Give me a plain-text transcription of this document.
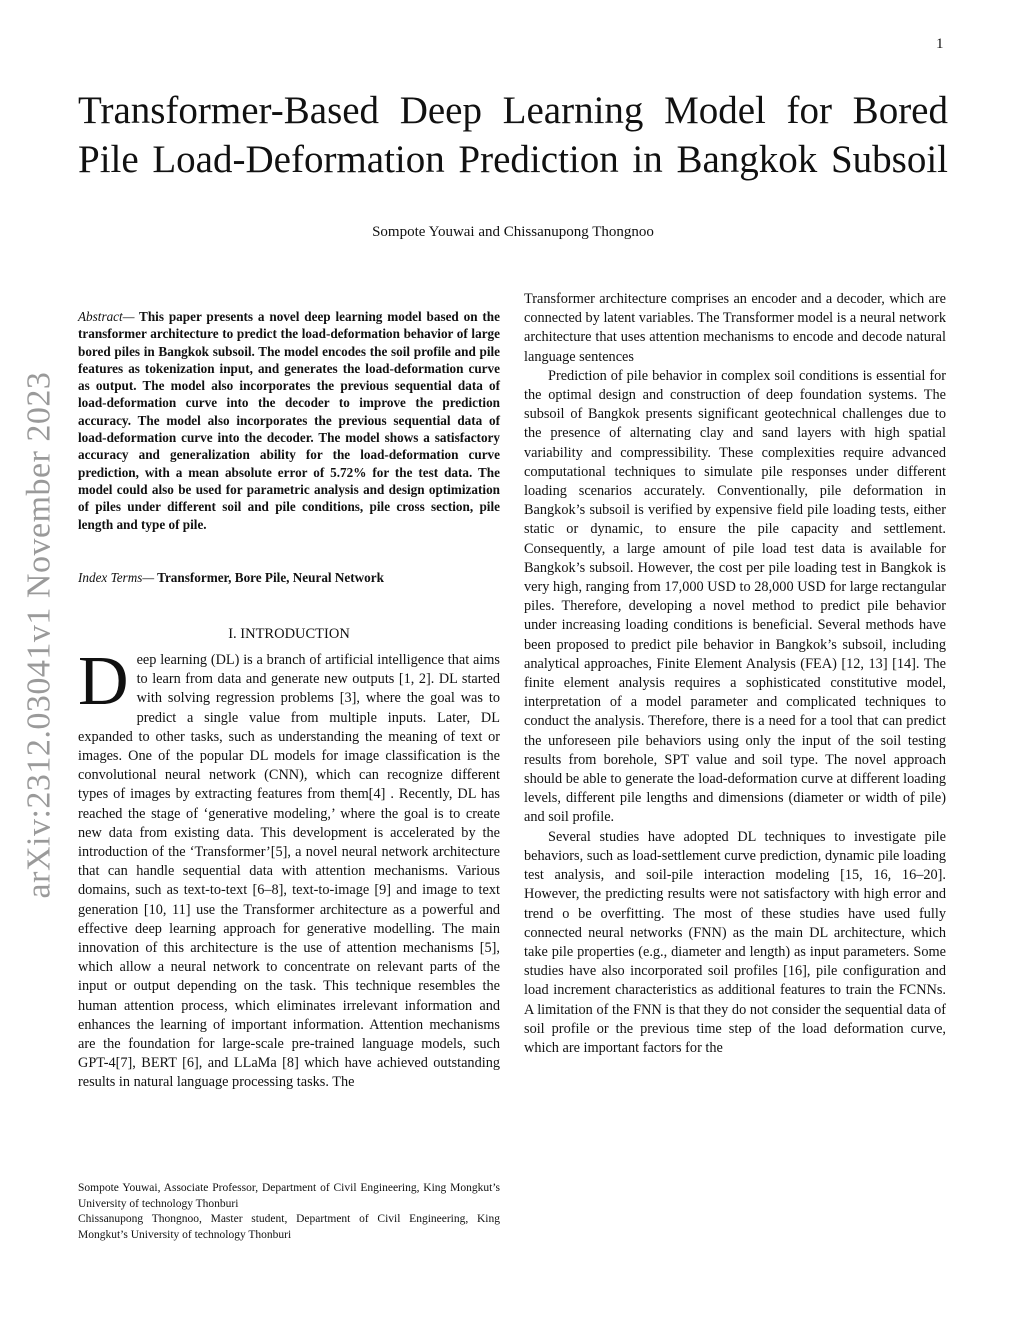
1
Transformer-Based Deep Learning Model for Bored
Pile Load-Deformation Prediction in Bangkok Subsoil
Sompote Youwai and Chissanupong Thongnoo
arXiv:2312.03041v1 November 2023
Abstract— This paper presents a novel deep learning model based on the transformer architecture to predict the load-deformation behavior of large bored piles in Bangkok subsoil. The model encodes the soil profile and pile features as tokenization input, and generates the load-deformation curve as output. The model also incorporates the previous sequential data of load-deformation curve into the decoder to improve the prediction accuracy. The model also incorporates the previous sequential data of load-deformation curve into the decoder. The model shows a satisfactory accuracy and generalization ability for the load-deformation curve prediction, with a mean absolute error of 5.72% for the test data. The model could also be used for parametric analysis and design optimization of piles under different soil and pile conditions, pile cross section, pile length and type of pile.
Index Terms— Transformer, Bore Pile, Neural Network
I. INTRODUCTION

Deep learning (DL) is a branch of artificial intelligence that aims to learn from data and generate new outputs [1, 2]. DL started with solving regression problems [3], where the goal was to predict a single value from multiple inputs. Later, DL expanded to other tasks, such as understanding the meaning of text or images. One of the popular DL models for image classification is the convolutional neural network (CNN), which can recognize different types of images by extracting features from them[4] . Recently, DL has reached the stage of ‘generative modeling,’ where the goal is to create new data from existing data. This development is accelerated by the introduction of the ‘Transformer’[5], a novel neural network architecture that can handle sequential data with attention mechanisms. Various domains, such as text-to-text [6–8], text-to-image [9] and image to text generation [10, 11] use the Transformer architecture as a powerful and effective deep learning approach for generative modelling. The main innovation of this architecture is the use of attention mechanisms [5], which allow a neural network to concentrate on relevant parts of the input or output depending on the task. This technique resembles the human attention process, which eliminates irrelevant information and enhances the learning of important information. Attention mechanisms are the foundation for large-scale pre-trained language models, such GPT-4[7], BERT [6], and LLaMa [8] which have achieved outstanding results in natural language processing tasks. The

Transformer architecture comprises an encoder and a decoder, which are connected by latent variables. The Transformer model is a neural network architecture that uses attention mechanisms to encode and decode natural language sentences

Prediction of pile behavior in complex soil conditions is essential for the optimal design and construction of deep foundation systems. The subsoil of Bangkok presents significant geotechnical challenges due to the presence of alternating clay and sand layers with high spatial variability and compressibility. These complexities require advanced computational techniques to simulate pile responses under different loading scenarios accurately. Conventionally, pile deformation in Bangkok’s subsoil is verified by expensive field pile loading tests, either static or dynamic, to ensure the pile capacity and settlement. Consequently, a large amount of pile load test data is available for Bangkok’s subsoil. However, the cost per pile loading test in Bangkok is very high, ranging from 17,000 USD to 28,000 USD for large rectangular piles. Therefore, developing a novel method to predict pile behavior under increasing loading conditions is beneficial. Several methods have been proposed to predict pile behavior in Bangkok’s subsoil, including analytical approaches, Finite Element Analysis (FEA) [12, 13] [14]. The finite element analysis requires a sophisticated constitutive model, interpretation of a model parameter and complicated techniques to conduct the analysis. Therefore, there is a need for a tool that can predict the unforeseen pile behaviors using only the input of the soil testing results from borehole, SPT value and soil type. The novel approach should be able to generate the load-deformation curve at different loading levels, different pile lengths and dimensions (diameter or width of pile) and soil profile.

Several studies have adopted DL techniques to investigate pile behaviors, such as load-settlement curve prediction, dynamic pile loading test analysis, and soil-pile interaction modeling [15, 16, 16–20]. However, the predicting results were not satisfactory with high error and trend o be overfitting. The most of these studies have used fully connected neural networks (FNN) as the main DL architecture, which take pile properties (e.g., diameter and length) as input parameters. Some studies have also incorporated soil profiles [16], pile configuration and load increment characteristics as additional features to train the FCNNs. A limitation of the FNN is that they do not consider the sequential data of soil profile or the previous time step of the load deformation curve, which are important factors for the

Sompote Youwai, Associate Professor, Department of Civil Engineering, King Mongkut’s University of technology Thonburi

Chissanupong Thongnoo, Master student, Department of Civil Engineering, King Mongkut’s University of technology Thonburi
